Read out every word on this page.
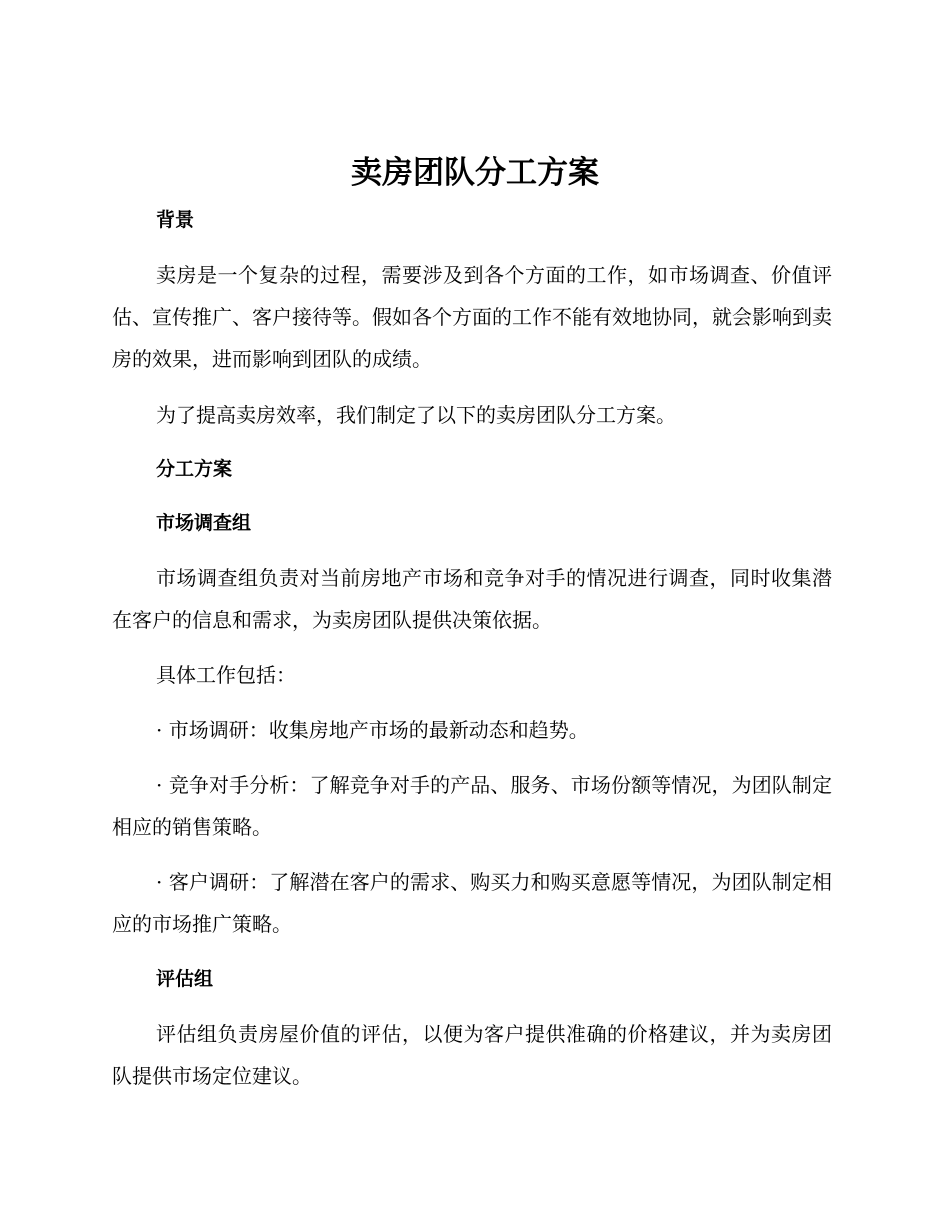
卖房团队分工方案
背景

卖房是一个复杂的过程，需要涉及到各个方面的工作，如市场调查、价值评估、宣传推广、客户接待等。假如各个方面的工作不能有效地协同，就会影响到卖房的效果，进而影响到团队的成绩。

为了提高卖房效率，我们制定了以下的卖房团队分工方案。

分工方案
市场调查组

市场调查组负责对当前房地产市场和竞争对手的情况进行调查，同时收集潜在客户的信息和需求，为卖房团队提供决策依据。

具体工作包括：

· 市场调研：收集房地产市场的最新动态和趋势。

· 竞争对手分析：了解竞争对手的产品、服务、市场份额等情况，为团队制定相应的销售策略。

· 客户调研：了解潜在客户的需求、购买力和购买意愿等情况，为团队制定相应的市场推广策略。

评估组

评估组负责房屋价值的评估，以便为客户提供准确的价格建议，并为卖房团队提供市场定位建议。
